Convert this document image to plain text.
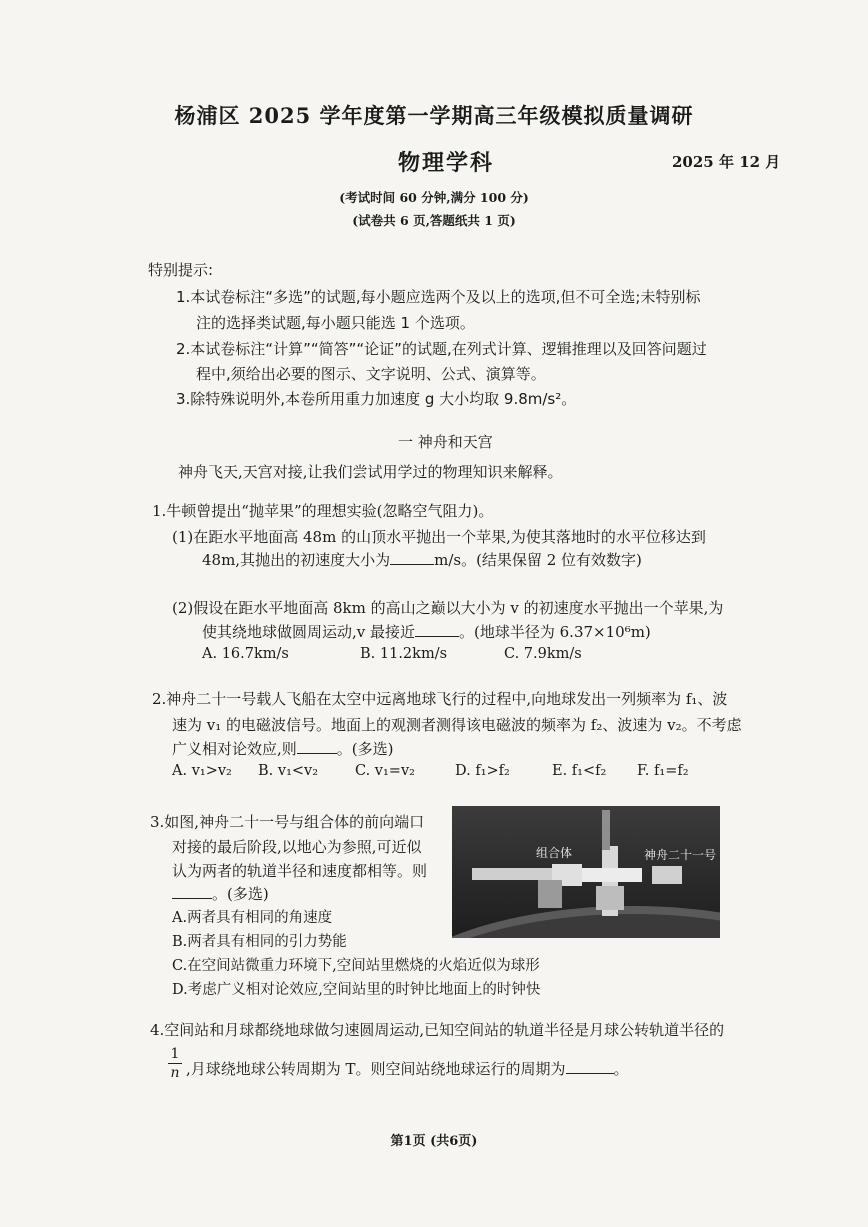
杨浦区 2025 学年度第一学期高三年级模拟质量调研
物理学科	2025 年 12 月
(考试时间 60 分钟,满分 100 分)
(试卷共 6 页,答题纸共 1 页)
特别提示:
1.本试卷标注“多选”的试题,每小题应选两个及以上的选项,但不可全选;未特别标
注的选择类试题,每小题只能选 1 个选项。
2.本试卷标注“计算”“简答”“论证”的试题,在列式计算、逻辑推理以及回答问题过
程中,须给出必要的图示、文字说明、公式、演算等。
3.除特殊说明外,本卷所用重力加速度 g 大小均取 9.8m/s²。
一 神舟和天宫
神舟飞天,天宫对接,让我们尝试用学过的物理知识来解释。
1.牛顿曾提出“抛苹果”的理想实验(忽略空气阻力)。
(1)在距水平地面高 48m 的山顶水平抛出一个苹果,为使其落地时的水平位移达到
48m,其抛出的初速度大小为	m/s。(结果保留 2 位有效数字)
(2)假设在距水平地面高 8km 的高山之巅以大小为 v 的初速度水平抛出一个苹果,为
使其绕地球做圆周运动,v 最接近	。(地球半径为 6.37×10⁶m)
A. 16.7km/s	B. 11.2km/s	C. 7.9km/s
2.神舟二十一号载人飞船在太空中远离地球飞行的过程中,向地球发出一列频率为 f₁、波
速为 v₁ 的电磁波信号。地面上的观测者测得该电磁波的频率为 f₂、波速为 v₂。不考虑
广义相对论效应,则	。(多选)
A. v₁>v₂ B. v₁<v₂	C. v₁=v₂	D. f₁>f₂	E. f₁<f₂ F. f₁=f₂
3.如图,神舟二十一号与组合体的前向端口
对接的最后阶段,以地心为参照,可近似
认为两者的轨道半径和速度都相等。则
。(多选)
组合体	神舟二十一号
A.两者具有相同的角速度
B.两者具有相同的引力势能
C.在空间站微重力环境下,空间站里燃烧的火焰近似为球形
D.考虑广义相对论效应,空间站里的时钟比地面上的时钟快
4.空间站和月球都绕地球做匀速圆周运动,已知空间站的轨道半径是月球公转轨道半径的
1
n ,月球绕地球公转周期为 T。则空间站绕地球运行的周期为	。
第1页 (共6页)
